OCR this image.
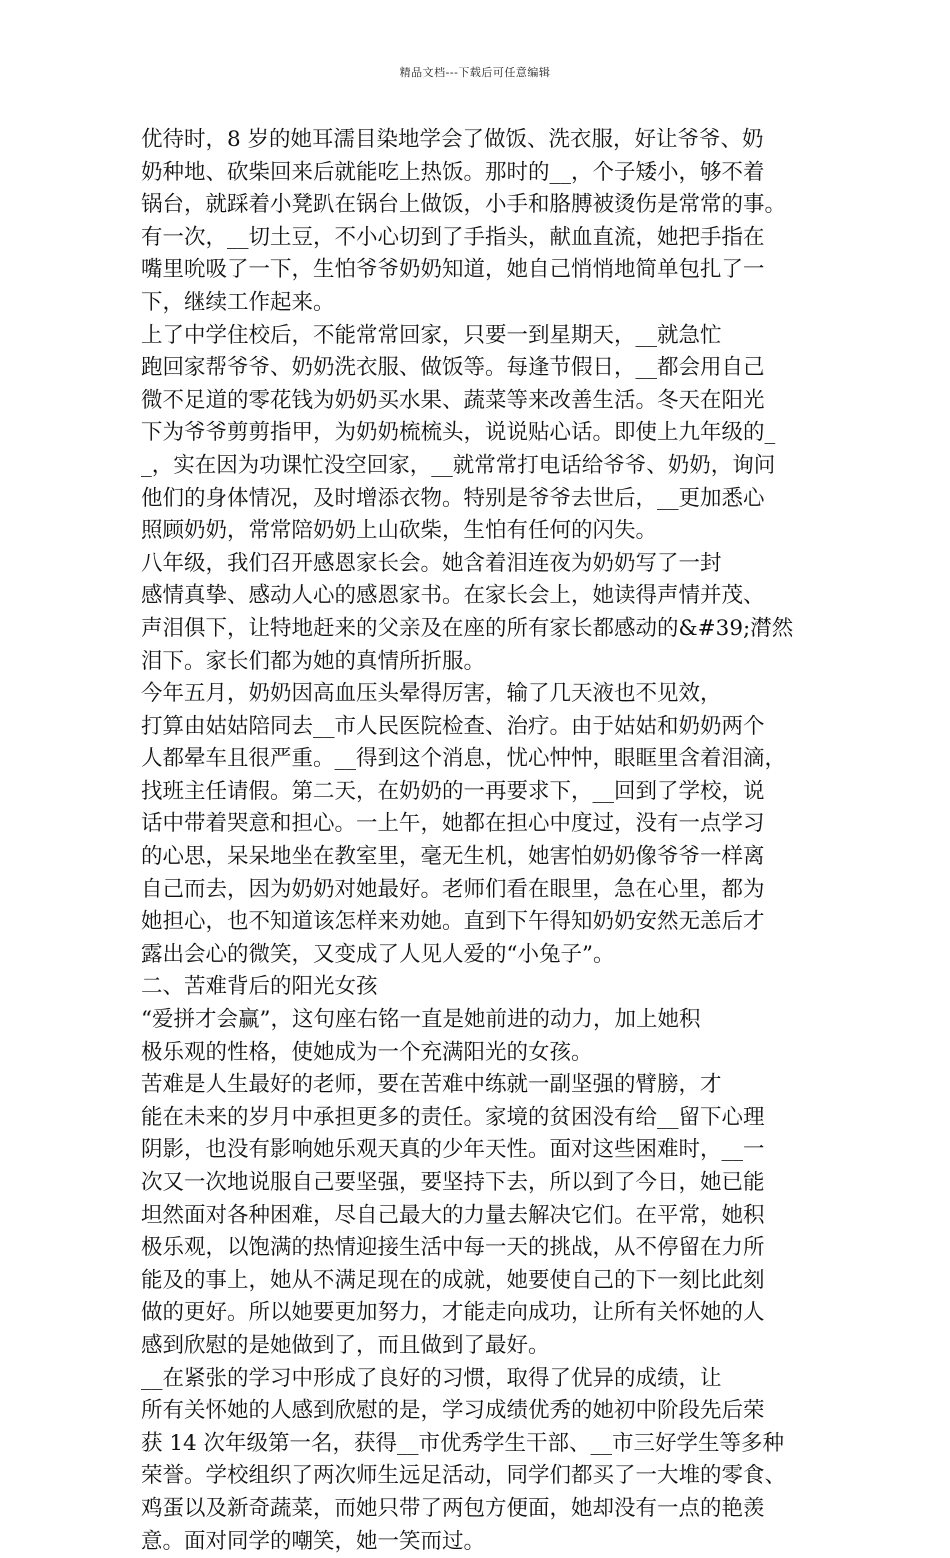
精品文档---下载后可任意编辑
优待时，8 岁的她耳濡目染地学会了做饭、洗衣服，好让爷爷、奶
奶种地、砍柴回来后就能吃上热饭。那时的__，个子矮小，够不着
锅台，就踩着小凳趴在锅台上做饭，小手和胳膊被烫伤是常常的事。
有一次，__切土豆，不小心切到了手指头，献血直流，她把手指在
嘴里吮吸了一下，生怕爷爷奶奶知道，她自己悄悄地简单包扎了一
下，继续工作起来。
上了中学住校后，不能常常回家，只要一到星期天，__就急忙
跑回家帮爷爷、奶奶洗衣服、做饭等。每逢节假日，__都会用自己
微不足道的零花钱为奶奶买水果、蔬菜等来改善生活。冬天在阳光
下为爷爷剪剪指甲，为奶奶梳梳头，说说贴心话。即使上九年级的_
_，实在因为功课忙没空回家，__就常常打电话给爷爷、奶奶，询问
他们的身体情况，及时增添衣物。特别是爷爷去世后，__更加悉心
照顾奶奶，常常陪奶奶上山砍柴，生怕有任何的闪失。
八年级，我们召开感恩家长会。她含着泪连夜为奶奶写了一封
感情真挚、感动人心的感恩家书。在家长会上，她读得声情并茂、
声泪俱下，让特地赶来的父亲及在座的所有家长都感动的&#39;潸然
泪下。家长们都为她的真情所折服。
今年五月，奶奶因高血压头晕得厉害，输了几天液也不见效，
打算由姑姑陪同去__市人民医院检查、治疗。由于姑姑和奶奶两个
人都晕车且很严重。__得到这个消息，忧心忡忡，眼眶里含着泪滴，
找班主任请假。第二天，在奶奶的一再要求下，__回到了学校，说
话中带着哭意和担心。一上午，她都在担心中度过，没有一点学习
的心思，呆呆地坐在教室里，毫无生机，她害怕奶奶像爷爷一样离
自己而去，因为奶奶对她最好。老师们看在眼里，急在心里，都为
她担心，也不知道该怎样来劝她。直到下午得知奶奶安然无恙后才
露出会心的微笑，又变成了人见人爱的“小兔子”。
二、苦难背后的阳光女孩
“爱拼才会赢”，这句座右铭一直是她前进的动力，加上她积
极乐观的性格，使她成为一个充满阳光的女孩。
苦难是人生最好的老师，要在苦难中练就一副坚强的臂膀，才
能在未来的岁月中承担更多的责任。家境的贫困没有给__留下心理
阴影，也没有影响她乐观天真的少年天性。面对这些困难时，__一
次又一次地说服自己要坚强，要坚持下去，所以到了今日，她已能
坦然面对各种困难，尽自己最大的力量去解决它们。在平常，她积
极乐观，以饱满的热情迎接生活中每一天的挑战，从不停留在力所
能及的事上，她从不满足现在的成就，她要使自己的下一刻比此刻
做的更好。所以她要更加努力，才能走向成功，让所有关怀她的人
感到欣慰的是她做到了，而且做到了最好。
__在紧张的学习中形成了良好的习惯，取得了优异的成绩，让
所有关怀她的人感到欣慰的是，学习成绩优秀的她初中阶段先后荣
获 14 次年级第一名，获得__市优秀学生干部、__市三好学生等多种
荣誉。学校组织了两次师生远足活动，同学们都买了一大堆的零食、
鸡蛋以及新奇蔬菜，而她只带了两包方便面，她却没有一点的艳羡
意。面对同学的嘲笑，她一笑而过。
